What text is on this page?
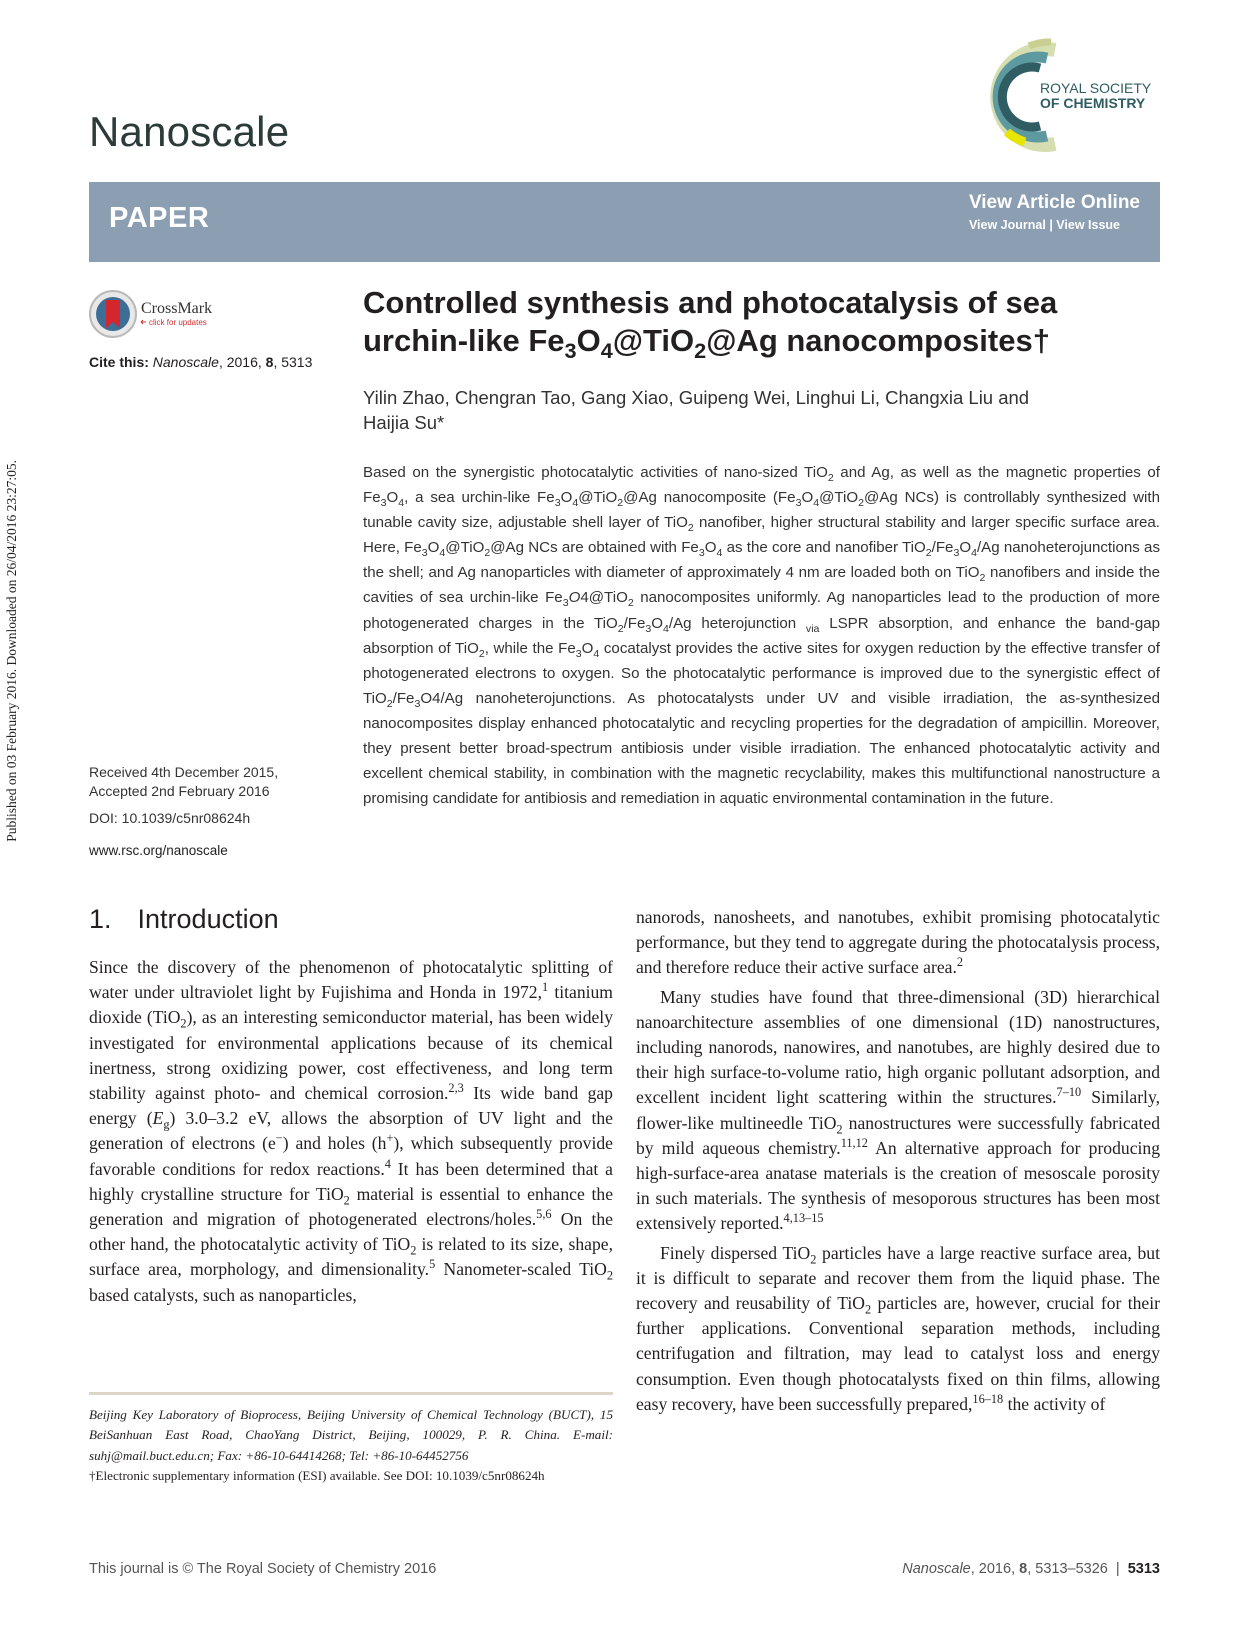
Published on 03 February 2016. Downloaded on 26/04/2016 23:27:05.
Nanoscale
ROYAL SOCIETY
OF CHEMISTRY
PAPER	View Article Online
View Journal | View Issue
CrossMark
click for updates
Cite this: Nanoscale, 2016, 8, 5313
Controlled synthesis and photocatalysis of sea
urchin-like $Fe_3O_4@TiO_2@Ag$ nanocomposites†
Yilin Zhao, Chengran Tao, Gang Xiao, Guipeng Wei, Linghui Li, Changxia Liu and
Haijia Su*

Based on the synergistic photocatalytic activities of nano-sized TiO$_2$ and Ag, as well as the magnetic properties of $Fe_3O_4$, a sea urchin-like $Fe_3O_4@TiO_2@Ag$ nanocomposite ($Fe_3O_4@TiO_2@Ag$ NCs) is controllably synthesized with tunable cavity size, adjustable shell layer of TiO$_2$ nanofiber, higher structural stability and larger specific surface area. Here, $Fe_3O_4@TiO_2@Ag$ NCs are obtained with $Fe_3O_4$ as the core and nanofiber $TiO_2/Fe_3O_4/Ag$ nanoheterojunctions as the shell; and Ag nanoparticles with diameter of approximately 4 nm are loaded both on TiO$_2$ nanofibers and inside the cavities of sea urchin-like $Fe_3O4@TiO_2$ nanocomposites uniformly. Ag nanoparticles lead to the production of more photogenerated charges in the $TiO_2/Fe_3O_4/Ag$ heterojunction $_{via}$ LSPR absorption, and enhance the band-gap absorption of TiO$_2$, while the $Fe_3O_4$ cocatalyst provides the active sites for oxygen reduction by the effective transfer of photogenerated electrons to oxygen. So the photocatalytic performance is improved due to the synergistic effect of $TiO_2/Fe_3O4/Ag$ nanoheterojunctions. As photocatalysts under UV and visible irradiation, the as-synthesized nanocomposites display enhanced photocatalytic and recycling properties for the degradation of ampicillin. Moreover, they present better broad-spectrum antibiosis under visible irradiation. The enhanced photocatalytic activity and excellent chemical stability, in combination with the magnetic recyclability, makes this multifunctional nanostructure a promising candidate for antibiosis and remediation in aquatic environmental contamination in the future.

Received 4th December 2015,
Accepted 2nd February 2016
DOI: 10.1039/c5nr08624h
www.rsc.org/nanoscale
1. Introduction

Since the discovery of the phenomenon of photocatalytic splitting of water under ultraviolet light by Fujishima and Honda in 1972,$^1$ titanium dioxide (TiO$_2$), as an interesting semiconductor material, has been widely investigated for environmental applications because of its chemical inertness, strong oxidizing power, cost effectiveness, and long term stability against photo- and chemical corrosion.$^{2,3}$ Its wide band gap energy $(E_g)$ 3.0–3.2 eV, allows the absorption of UV light and the generation of electrons (e−) and holes (h+), which subsequently provide favorable conditions for redox reactions.$^4$ It has been determined that a highly crystalline structure for TiO$_2$ material is essential to enhance the generation and migration of photogenerated electrons/holes.$^{5,6}$ On the other hand, the photocatalytic activity of TiO$_2$ is related to its size, shape, surface area, morphology, and dimensionality.$^5$ Nanometer-scaled TiO$_2$ based catalysts, such as nanoparticles,

nanorods, nanosheets, and nanotubes, exhibit promising photocatalytic performance, but they tend to aggregate during the photocatalysis process, and therefore reduce their active surface area.$^2$

Many studies have found that three-dimensional (3D) hierarchical nanoarchitecture assemblies of one dimensional (1D) nanostructures, including nanorods, nanowires, and nanotubes, are highly desired due to their high surface-to-volume ratio, high organic pollutant adsorption, and excellent incident light scattering within the structures.$^{7-10}$ Similarly, flower-like multineedle TiO$_2$ nanostructures were successfully fabricated by mild aqueous chemistry.$^{11,12}$ An alternative approach for producing high-surface-area anatase materials is the creation of mesoscale porosity in such materials. The synthesis of mesoporous structures has been most extensively reported.$^{4,13-15}$

Finely dispersed TiO$_2$ particles have a large reactive surface area, but it is difficult to separate and recover them from the liquid phase. The recovery and reusability of TiO$_2$ particles are, however, crucial for their further applications. Conventional separation methods, including centrifugation and filtration, may lead to catalyst loss and energy consumption. Even though photocatalysts fixed on thin films, allowing easy recovery, have been successfully prepared,$^{16-18}$ the activity of

Beijing Key Laboratory of Bioprocess, Beijing University of Chemical Technology (BUCT), 15 BeiSanhuan East Road, ChaoYang District, Beijing, 100029, P. R. China. E-mail: suhj@mail.buct.edu.cn; Fax: +86-10-64414268; Tel: +86-10-64452756

†Electronic supplementary information (ESI) available. See DOI: 10.1039/c5nr08624h

This journal is © The Royal Society of Chemistry 2016	Nanoscale, 2016, 8, 5313–5326  |  5313
